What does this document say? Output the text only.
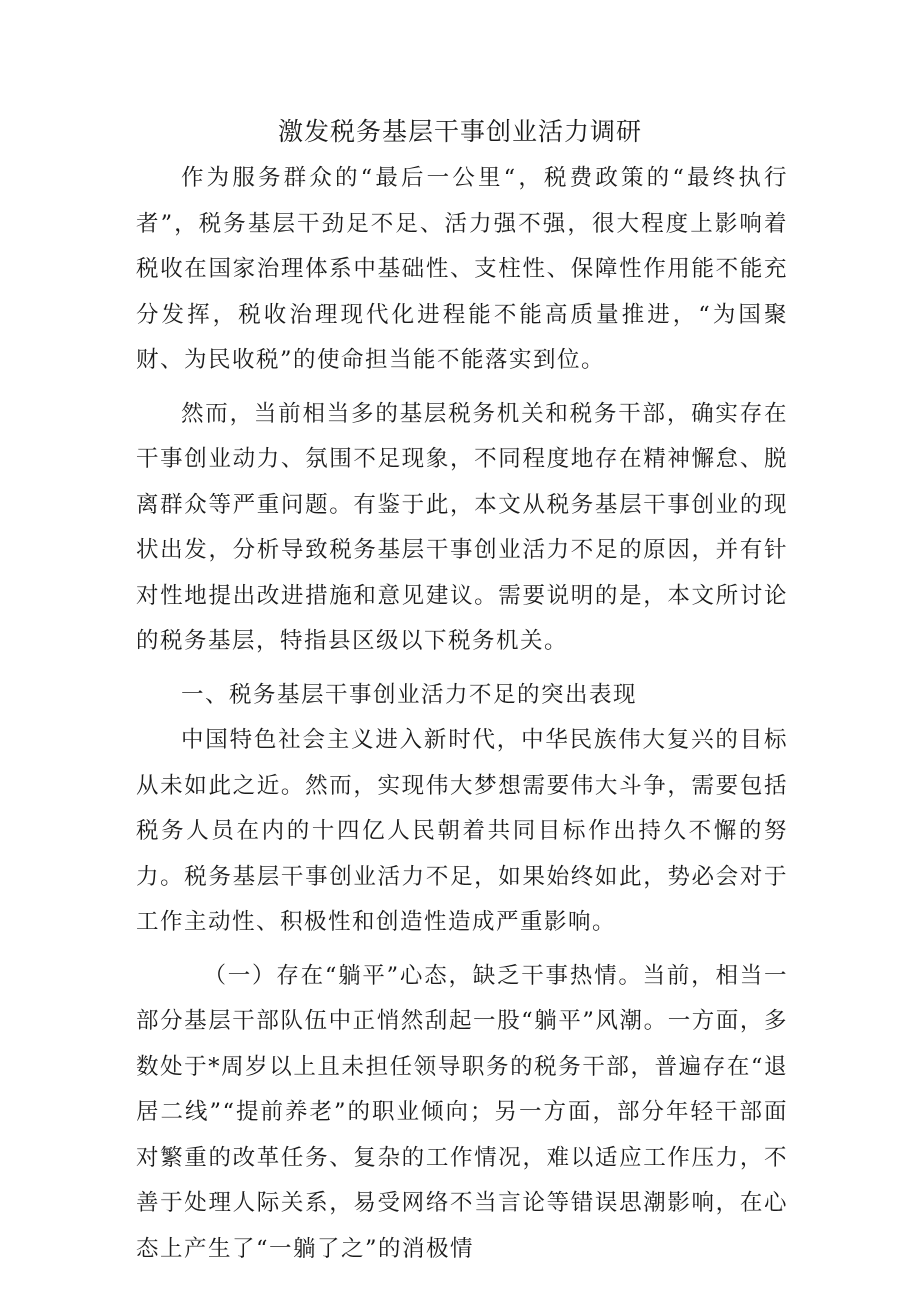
激发税务基层干事创业活力调研

作为服务群众的“最后一公里“，税费政策的“最终执行者”，税务基层干劲足不足、活力强不强，很大程度上影响着税收在国家治理体系中基础性、支柱性、保障性作用能不能充分发挥，税收治理现代化进程能不能高质量推进，“为国聚财、为民收税”的使命担当能不能落实到位。

然而，当前相当多的基层税务机关和税务干部，确实存在干事创业动力、氛围不足现象，不同程度地存在精神懈怠、脱离群众等严重问题。有鉴于此，本文从税务基层干事创业的现状出发，分析导致税务基层干事创业活力不足的原因，并有针对性地提出改进措施和意见建议。需要说明的是，本文所讨论的税务基层，特指县区级以下税务机关。

一、税务基层干事创业活力不足的突出表现

中国特色社会主义进入新时代，中华民族伟大复兴的目标从未如此之近。然而，实现伟大梦想需要伟大斗争，需要包括税务人员在内的十四亿人民朝着共同目标作出持久不懈的努力。税务基层干事创业活力不足，如果始终如此，势必会对于工作主动性、积极性和创造性造成严重影响。

（一）存在“躺平”心态，缺乏干事热情。当前，相当一部分基层干部队伍中正悄然刮起一股“躺平”风潮。一方面，多数处于*周岁以上且未担任领导职务的税务干部，普遍存在“退居二线”“提前养老”的职业倾向；另一方面，部分年轻干部面对繁重的改革任务、复杂的工作情况，难以适应工作压力，不善于处理人际关系，易受网络不当言论等错误思潮影响，在心态上产生了“一躺了之”的消极情
